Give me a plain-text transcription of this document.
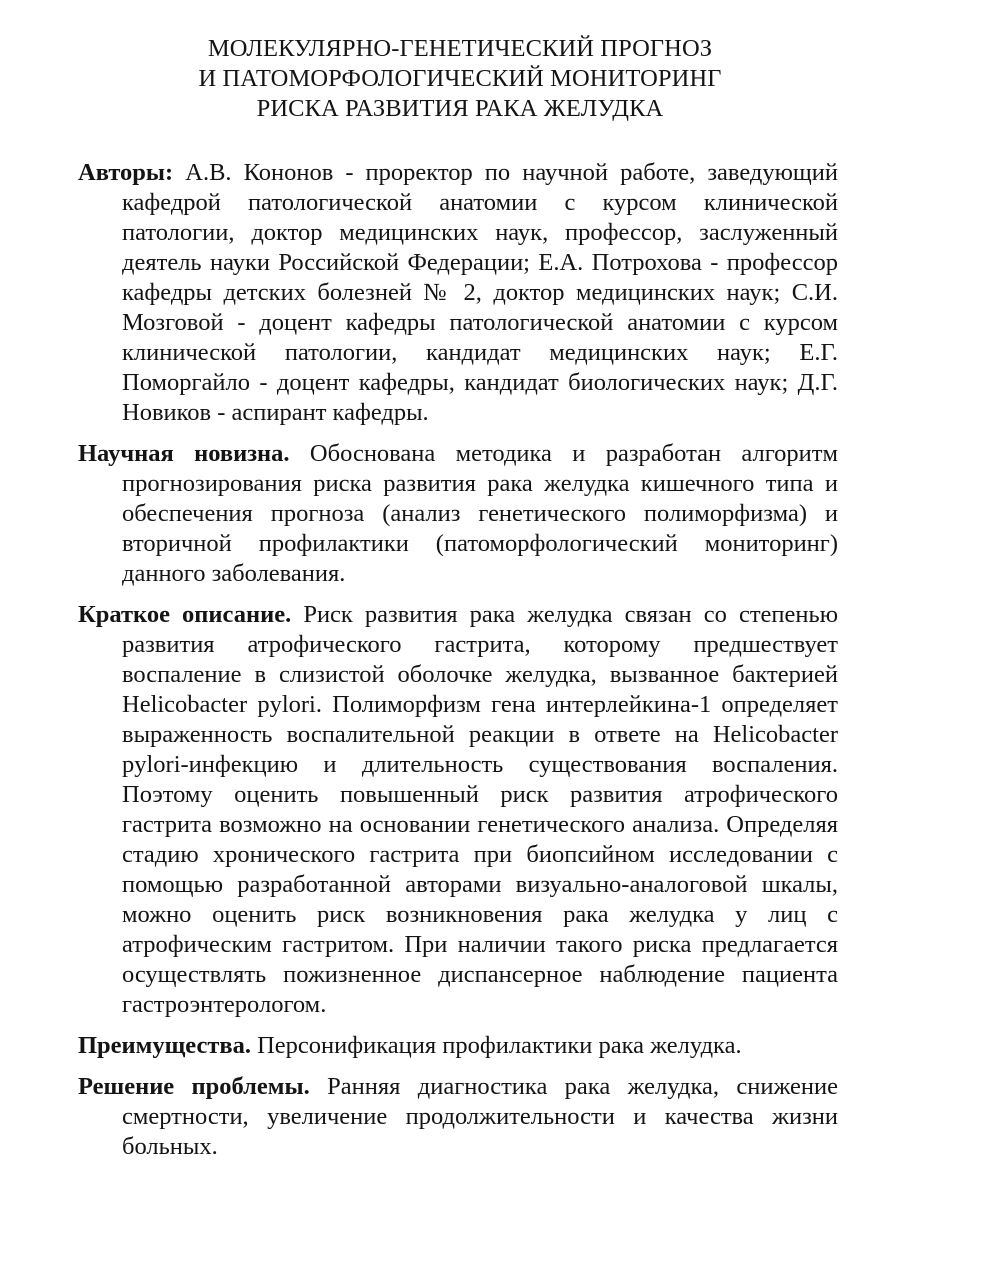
МОЛЕКУЛЯРНО-ГЕНЕТИЧЕСКИЙ ПРОГНОЗ
И ПАТОМОРФОЛОГИЧЕСКИЙ МОНИТОРИНГ
РИСКА РАЗВИТИЯ РАКА ЖЕЛУДКА

Авторы: А.В. Кононов - проректор по научной работе, заведующий кафедрой патологической анатомии с курсом клинической патологии, доктор медицинских наук, профессор, заслуженный деятель науки Российской Федерации; Е.А. Потрохова - профессор кафедры детских болезней № 2, доктор медицинских наук; С.И. Мозговой - доцент кафедры патологической анатомии с курсом клинической патологии, кандидат медицинских наук; Е.Г. Поморгайло - доцент кафедры, кандидат биологических наук; Д.Г. Новиков - аспирант кафедры.

Научная новизна. Обоснована методика и разработан алгоритм прогнозирования риска развития рака желудка кишечного типа и обеспечения прогноза (анализ генетического полиморфизма) и вторичной профилактики (патоморфологический мониторинг) данного заболевания.

Краткое описание. Риск развития рака желудка связан со степенью развития атрофического гастрита, которому предшествует воспаление в слизистой оболочке желудка, вызванное бактерией Helicobacter pylori. Полиморфизм гена интерлейкина-1 определяет выраженность воспалительной реакции в ответе на Helicobacter pylori-инфекцию и длительность существования воспаления. Поэтому оценить повышенный риск развития атрофического гастрита возможно на основании генетического анализа. Определяя стадию хронического гастрита при биопсийном исследовании с помощью разработанной авторами визуально-аналоговой шкалы, можно оценить риск возникновения рака желудка у лиц с атрофическим гастритом. При наличии такого риска предлагается осуществлять пожизненное диспансерное наблюдение пациента гастроэнтерологом.

Преимущества. Персонификация профилактики рака желудка.

Решение проблемы. Ранняя диагностика рака желудка, снижение смертности, увеличение продолжительности и качества жизни больных.
